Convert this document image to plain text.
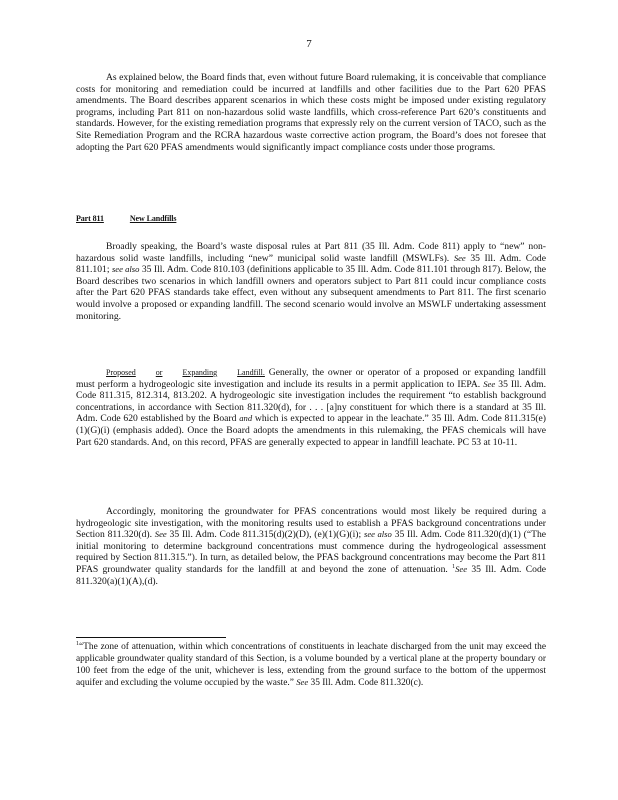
7

As explained below, the Board finds that, even without future Board rulemaking, it is conceivable that compliance costs for monitoring and remediation could be incurred at landfills and other facilities due to the Part 620 PFAS amendments. The Board describes apparent scenarios in which these costs might be imposed under existing regulatory programs, including Part 811 on non-hazardous solid waste landfills, which cross-reference Part 620’s constituents and standards. However, for the existing remediation programs that expressly rely on the current version of TACO, such as the Site Remediation Program and the RCRA hazardous waste corrective action program, the Board’s does not foresee that adopting the Part 620 PFAS amendments would significantly impact compliance costs under those programs.

Part 811	New Landfills

Broadly speaking, the Board’s waste disposal rules at Part 811 (35 Ill. Adm. Code 811) apply to “new” non-hazardous solid waste landfills, including “new” municipal solid waste landfill (MSWLFs). See 35 Ill. Adm. Code 811.101; see also 35 Ill. Adm. Code 810.103 (definitions applicable to 35 Ill. Adm. Code 811.101 through 817). Below, the Board describes two scenarios in which landfill owners and operators subject to Part 811 could incur compliance costs after the Part 620 PFAS standards take effect, even without any subsequent amendments to Part 811. The first scenario would involve a proposed or expanding landfill. The second scenario would involve an MSWLF undertaking assessment monitoring.

Proposed	or	Expanding	Landfill. Generally, the owner or operator of a proposed or expanding landfill must perform a hydrogeologic site investigation and include its results in a permit application to IEPA. See 35 Ill. Adm. Code 811.315, 812.314, 813.202. A hydrogeologic site investigation includes the requirement “to establish background concentrations, in accordance with Section 811.320(d), for . . . [a]ny constituent for which there is a standard at 35 Ill. Adm. Code 620 established by the Board and which is expected to appear in the leachate.” 35 Ill. Adm. Code 811.315(e)(1)(G)(i) (emphasis added). Once the Board adopts the amendments in this rulemaking, the PFAS chemicals will have Part 620 standards. And, on this record, PFAS are generally expected to appear in landfill leachate. PC 53 at 10-11.

Accordingly, monitoring the groundwater for PFAS concentrations would most likely be required during a hydrogeologic site investigation, with the monitoring results used to establish a PFAS background concentrations under Section 811.320(d). See 35 Ill. Adm. Code 811.315(d)(2)(D), (e)(1)(G)(i); see also 35 Ill. Adm. Code 811.320(d)(1) (“The initial monitoring to determine background concentrations must commence during the hydrogeological assessment required by Section 811.315.”). In turn, as detailed below, the PFAS background concentrations may become the Part 811 PFAS groundwater quality standards for the landfill at and beyond the zone of attenuation. $^1$See 35 Ill. Adm. Code 811.320(a)(1)(A),(d).

$^1$“The zone of attenuation, within which concentrations of constituents in leachate discharged from the unit may exceed the applicable groundwater quality standard of this Section, is a volume bounded by a vertical plane at the property boundary or 100 feet from the edge of the unit, whichever is less, extending from the ground surface to the bottom of the uppermost aquifer and excluding the volume occupied by the waste.” See 35 Ill. Adm. Code 811.320(c).
